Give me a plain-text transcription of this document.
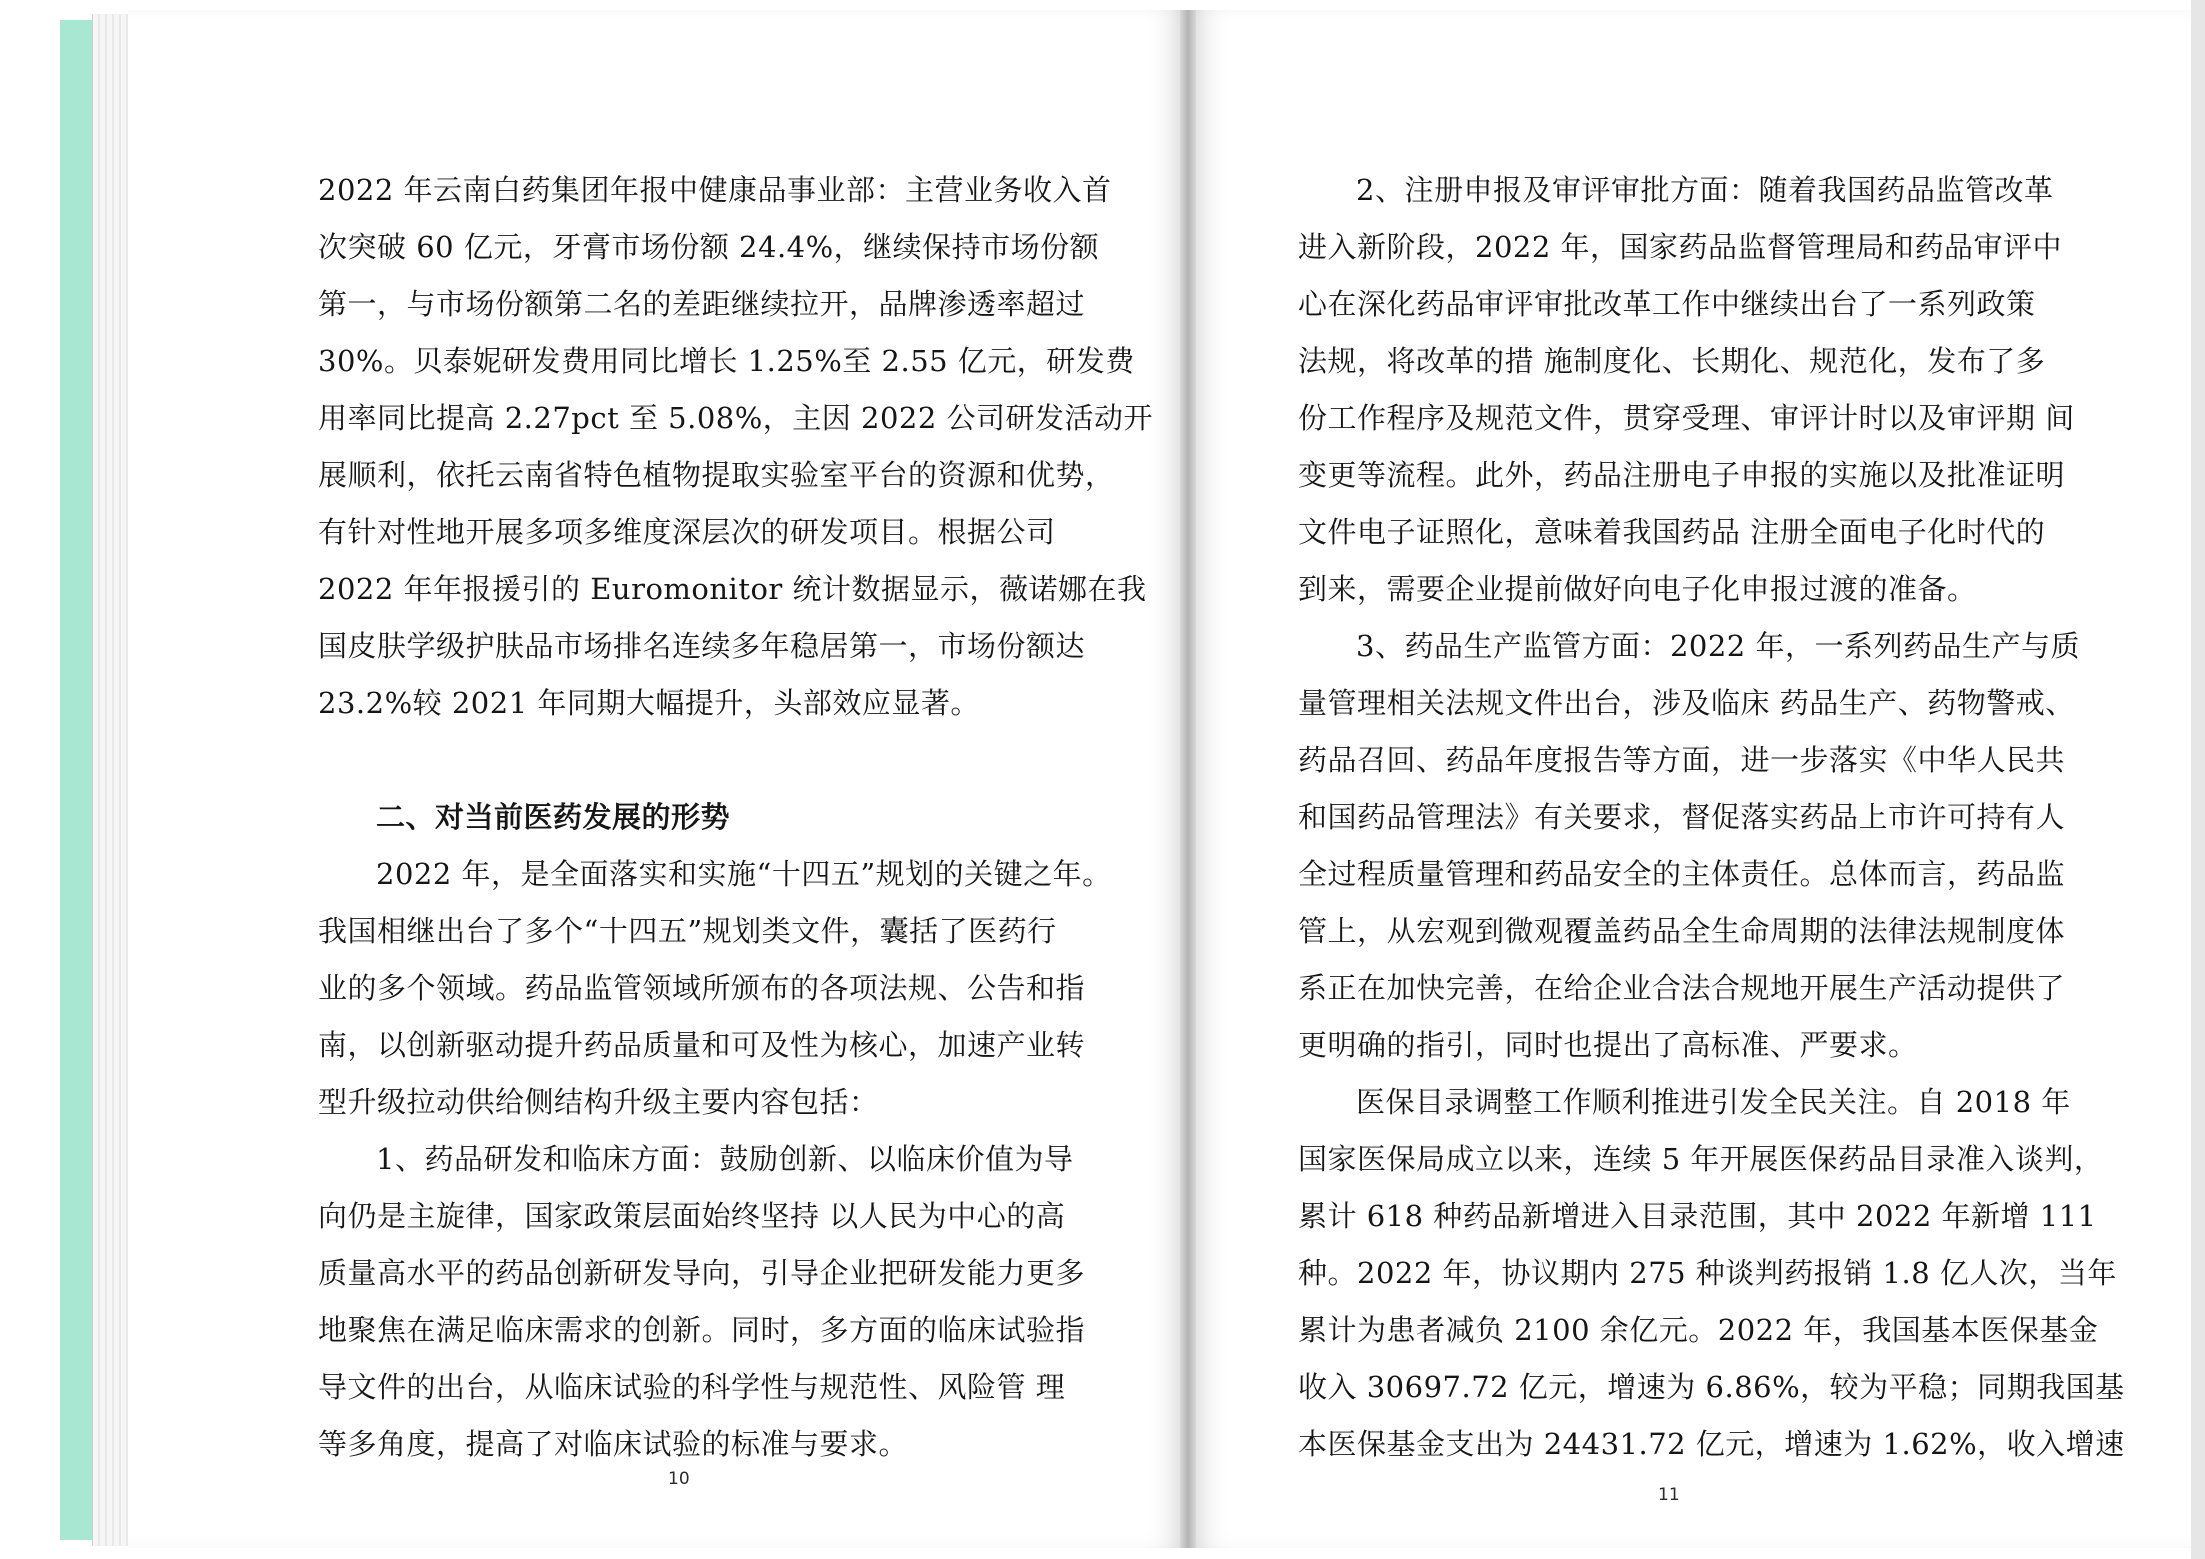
2022 年云南白药集团年报中健康品事业部：主营业务收入首
次突破 60 亿元，牙膏市场份额 24.4%，继续保持市场份额
第一，与市场份额第二名的差距继续拉开，品牌渗透率超过
30%。贝泰妮研发费用同比增长 1.25%至 2.55 亿元，研发费
用率同比提高 2.27pct 至 5.08%，主因 2022 公司研发活动开
展顺利，依托云南省特色植物提取实验室平台的资源和优势，
有针对性地开展多项多维度深层次的研发项目。根据公司
2022 年年报援引的 Euromonitor 统计数据显示，薇诺娜在我
国皮肤学级护肤品市场排名连续多年稳居第一，市场份额达
23.2%较 2021 年同期大幅提升，头部效应显著。
二、对当前医药发展的形势
2022 年，是全面落实和实施“十四五”规划的关键之年。
我国相继出台了多个“十四五”规划类文件，囊括了医药行
业的多个领域。药品监管领域所颁布的各项法规、公告和指
南，以创新驱动提升药品质量和可及性为核心，加速产业转
型升级拉动供给侧结构升级主要内容包括：
1、药品研发和临床方面：鼓励创新、以临床价值为导
向仍是主旋律，国家政策层面始终坚持 以人民为中心的高
质量高水平的药品创新研发导向，引导企业把研发能力更多
地聚焦在满足临床需求的创新。同时，多方面的临床试验指
导文件的出台，从临床试验的科学性与规范性、风险管 理
等多角度，提高了对临床试验的标准与要求。
10
2、注册申报及审评审批方面：随着我国药品监管改革
进入新阶段，2022 年，国家药品监督管理局和药品审评中
心在深化药品审评审批改革工作中继续出台了一系列政策
法规，将改革的措 施制度化、长期化、规范化，发布了多
份工作程序及规范文件，贯穿受理、审评计时以及审评期 间
变更等流程。此外，药品注册电子申报的实施以及批准证明
文件电子证照化，意味着我国药品 注册全面电子化时代的
到来，需要企业提前做好向电子化申报过渡的准备。
3、药品生产监管方面：2022 年，一系列药品生产与质
量管理相关法规文件出台，涉及临床 药品生产、药物警戒、
药品召回、药品年度报告等方面，进一步落实《中华人民共
和国药品管理法》有关要求，督促落实药品上市许可持有人
全过程质量管理和药品安全的主体责任。总体而言，药品监
管上，从宏观到微观覆盖药品全生命周期的法律法规制度体
系正在加快完善，在给企业合法合规地开展生产活动提供了
更明确的指引，同时也提出了高标准、严要求。
医保目录调整工作顺利推进引发全民关注。自 2018 年
国家医保局成立以来，连续 5 年开展医保药品目录准入谈判，
累计 618 种药品新增进入目录范围，其中 2022 年新增 111
种。2022 年，协议期内 275 种谈判药报销 1.8 亿人次，当年
累计为患者减负 2100 余亿元。2022 年，我国基本医保基金
收入 30697.72 亿元，增速为 6.86%，较为平稳；同期我国基
本医保基金支出为 24431.72 亿元，增速为 1.62%，收入增速
11
